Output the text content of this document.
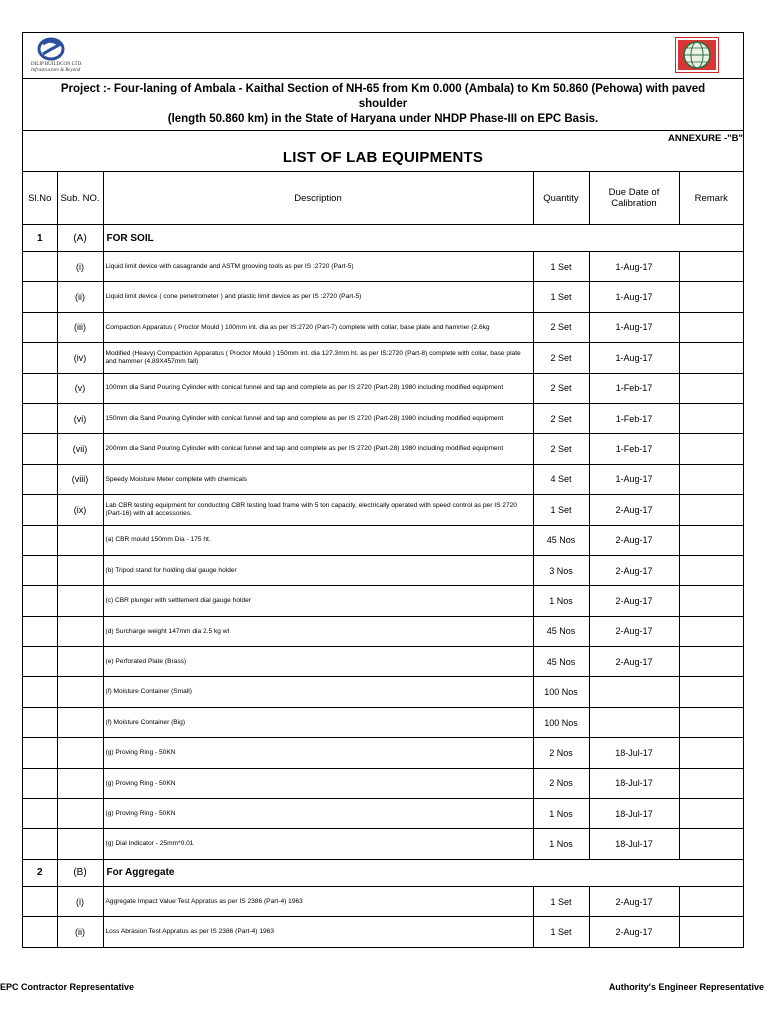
DILIP BUILDCON LTD.
Infrastructure & Beyond
Project :- Four-laning of Ambala - Kaithal Section of NH-65 from Km 0.000 (Ambala) to Km 50.860 (Pehowa) with paved shoulder
(length 50.860 km) in the State of Haryana under NHDP Phase-III on EPC Basis.
ANNEXURE -"B"
LIST OF LAB EQUIPMENTS
Sl.No	Sub. NO.	Description	Quantity	Due Date of Calibration	Remark
1	(A)	FOR SOIL			
	(i)	Liquid limit device with casagrande and ASTM grooving tools as per IS :2720 (Part-5)	1 Set	1-Aug-17	
	(ii)	Liquid limit device ( cone penetrometer ) and plastic limit device as per IS :2720 (Part-5)	1 Set	1-Aug-17	
	(iii)	Compaction Apparatus ( Proctor Mould ) 100mm int. dia as per IS:2720 (Part-7) complete with collar, base plate and hammer (2.6kg	2 Set	1-Aug-17	
	(iv)	Modified (Heavy) Compaction Apparatus ( Proctor Mould ) 150mm int. dia 127.3mm ht. as per IS:2720 (Part-8) complete with collar, base plate and hammer (4.89X457mm fall)	2 Set	1-Aug-17	
	(v)	100mm dia Sand Pouring Cylinder with conical funnel and tap and complete as per IS 2720 (Part-28) 1980 including modified equipment	2 Set	1-Feb-17	
	(vi)	150mm dia Sand Pouring Cylinder with conical funnel and tap and complete as per IS 2720 (Part-28) 1980 including modified equipment	2 Set	1-Feb-17	
	(vii)	200mm dia Sand Pouring Cylinder with conical funnel and tap and complete as per IS 2720 (Part-28) 1980 including modified equipment	2 Set	1-Feb-17	
	(viii)	Speedy Moisture Meter complete with chemicals	4 Set	1-Aug-17	
	(ix)	Lab CBR testing equipment for conducting CBR testing load frame with 5 ton capacity, electrically operated with speed control as per IS 2720 (Part-16) with all accessories.	1 Set	2-Aug-17	
		(a) CBR mould 150mm Dia - 175 ht.	45 Nos	2-Aug-17	
		(b) Tripod stand for holding dial gauge holder	3 Nos	2-Aug-17	
		(c) CBR plunger with settlement dial gauge holder	1 Nos	2-Aug-17	
		(d) Surcharge weight 147mm dia 2.5 kg wt	45 Nos	2-Aug-17	
		(e) Perforated Plate (Brass)	45 Nos	2-Aug-17	
		(f) Moisture Container (Small)	100 Nos		
		(f) Moisture Container (Big)	100 Nos		
		(g) Proving Ring - 50KN	2 Nos	18-Jul-17	
		(g) Proving Ring - 50KN	2 Nos	18-Jul-17	
		(g) Proving Ring - 50KN	1 Nos	18-Jul-17	
		(g) Dial Indicator - 25mm*0.01	1 Nos	18-Jul-17	
2	(B)	For Aggregate			
	(i)	Aggregate Impact Value Test Appratus as per IS 2386 (Part-4) 1963	1 Set	2-Aug-17	
	(ii)	Loss Abrasion Test Appratus as per IS 2386 (Part-4) 1963	1 Set	2-Aug-17	
EPC Contractor Representative	Authority's Engineer Representative
